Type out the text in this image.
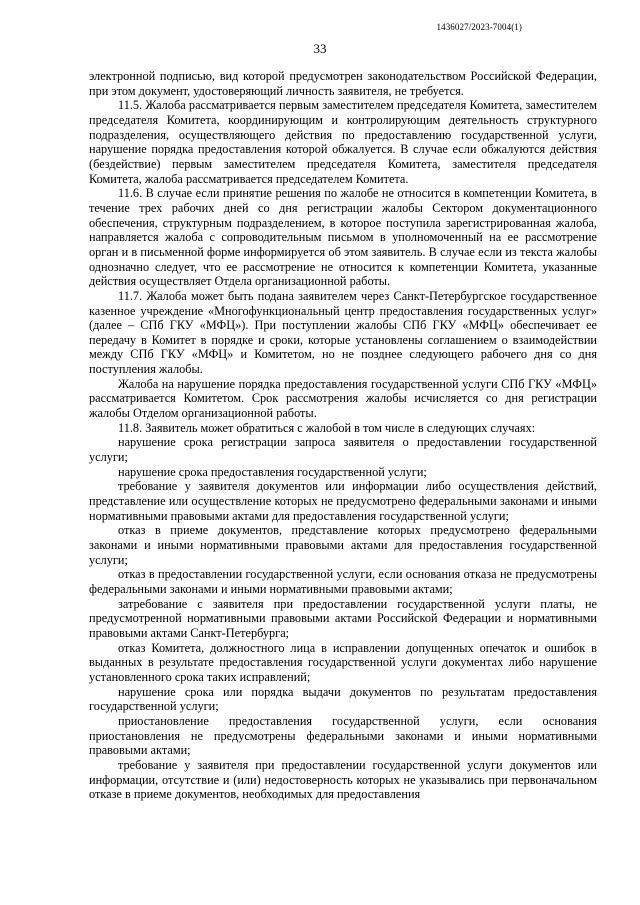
1436027/2023-7004(1)
33

электронной подписью, вид которой предусмотрен законодательством Российской Федерации, при этом документ, удостоверяющий личность заявителя, не требуется.

11.5. Жалоба рассматривается первым заместителем председателя Комитета, заместителем председателя Комитета, координирующим и контролирующим деятельность структурного подразделения, осуществляющего действия по предоставлению государственной услуги, нарушение порядка предоставления которой обжалуется. В случае если обжалуются действия (бездействие) первым заместителем председателя Комитета, заместителя председателя Комитета, жалоба рассматривается председателем Комитета.

11.6. В случае если принятие решения по жалобе не относится в компетенции Комитета, в течение трех рабочих дней со дня регистрации жалобы Сектором документационного обеспечения, структурным подразделением, в которое поступила зарегистрированная жалоба, направляется жалоба с сопроводительным письмом в уполномоченный на ее рассмотрение орган и в письменной форме информируется об этом заявитель. В случае если из текста жалобы однозначно следует, что ее рассмотрение не относится к компетенции Комитета, указанные действия осуществляет Отдела организационной работы.

11.7. Жалоба может быть подана заявителем через Санкт-Петербургское государственное казенное учреждение «Многофункциональный центр предоставления государственных услуг» (далее – СПб ГКУ «МФЦ»). При поступлении жалобы СПб ГКУ «МФЦ» обеспечивает ее передачу в Комитет в порядке и сроки, которые установлены соглашением о взаимодействии между СПб ГКУ «МФЦ» и Комитетом, но не позднее следующего рабочего дня со дня поступления жалобы.

Жалоба на нарушение порядка предоставления государственной услуги СПб ГКУ «МФЦ» рассматривается Комитетом. Срок рассмотрения жалобы исчисляется со дня регистрации жалобы Отделом организационной работы.

11.8. Заявитель может обратиться с жалобой в том числе в следующих случаях:

нарушение срока регистрации запроса заявителя о предоставлении государственной услуги;

нарушение срока предоставления государственной услуги;

требование у заявителя документов или информации либо осуществления действий, представление или осуществление которых не предусмотрено федеральными законами и иными нормативными правовыми актами для предоставления государственной услуги;

отказ в приеме документов, представление которых предусмотрено федеральными законами и иными нормативными правовыми актами для предоставления государственной услуги;

отказ в предоставлении государственной услуги, если основания отказа не предусмотрены федеральными законами и иными нормативными правовыми актами;

затребование с заявителя при предоставлении государственной услуги платы, не предусмотренной нормативными правовыми актами Российской Федерации и нормативными правовыми актами Санкт-Петербурга;

отказ Комитета, должностного лица в исправлении допущенных опечаток и ошибок в выданных в результате предоставления государственной услуги документах либо нарушение установленного срока таких исправлений;

нарушение срока или порядка выдачи документов по результатам предоставления государственной услуги;

приостановление предоставления государственной услуги, если основания приостановления не предусмотрены федеральными законами и иными нормативными правовыми актами;

требование у заявителя при предоставлении государственной услуги документов или информации, отсутствие и (или) недостоверность которых не указывались при первоначальном отказе в приеме документов, необходимых для предоставления
